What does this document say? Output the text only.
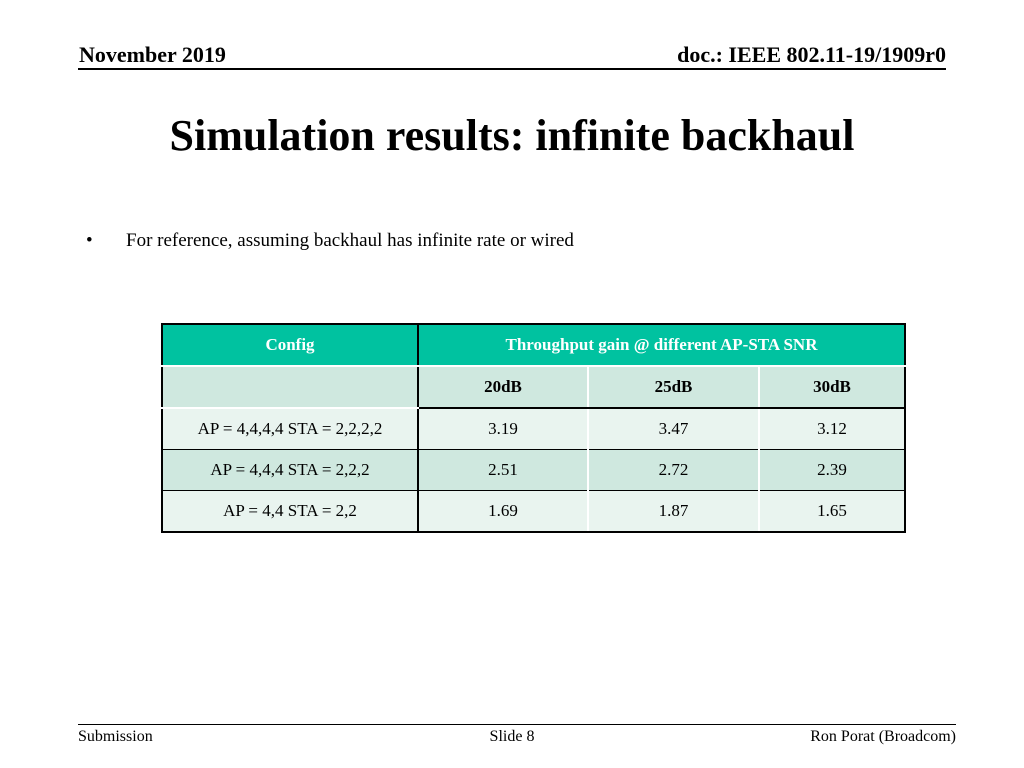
November 2019	doc.: IEEE 802.11-19/1909r0
Simulation results: infinite backhaul
•	For reference, assuming backhaul has infinite rate or wired
Config	Throughput gain @ different AP-STA SNR		
	20dB	25dB	30dB
AP = 4,4,4,4 STA = 2,2,2,2	3.19	3.47	3.12
AP = 4,4,4 STA = 2,2,2	2.51	2.72	2.39
AP = 4,4 STA = 2,2	1.69	1.87	1.65
Submission	Slide 8	Ron Porat (Broadcom)
